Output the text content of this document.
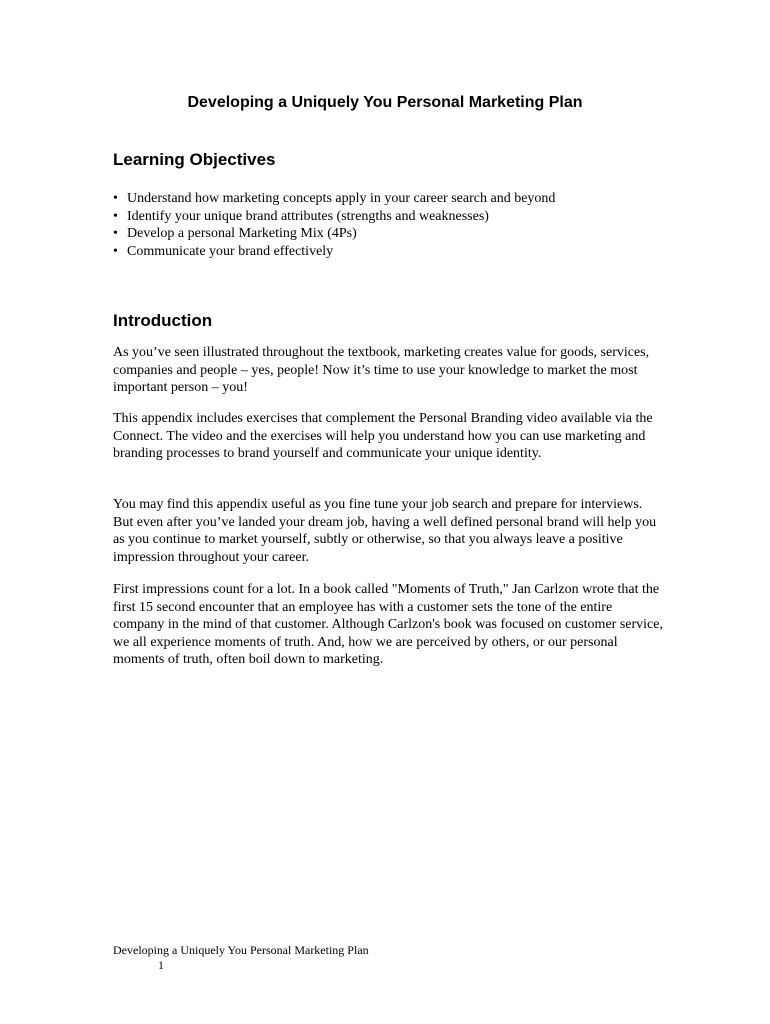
Developing a Uniquely You Personal Marketing Plan
Learning Objectives
• Understand how marketing concepts apply in your career search and beyond
• Identify your unique brand attributes (strengths and weaknesses)
• Develop a personal Marketing Mix (4Ps)
• Communicate your brand effectively
Introduction

As you’ve seen illustrated throughout the textbook, marketing creates value for goods, services, companies and people – yes, people! Now it’s time to use your knowledge to market the most important person – you!

This appendix includes exercises that complement the Personal Branding video available via the Connect. The video and the exercises will help you understand how you can use marketing and branding processes to brand yourself and communicate your unique identity.

You may find this appendix useful as you fine tune your job search and prepare for interviews. But even after you’ve landed your dream job, having a well defined personal brand will help you as you continue to market yourself, subtly or otherwise, so that you always leave a positive impression throughout your career.

First impressions count for a lot. In a book called "Moments of Truth," Jan Carlzon wrote that the first 15 second encounter that an employee has with a customer sets the tone of the entire company in the mind of that customer. Although Carlzon's book was focused on customer service, we all experience moments of truth. And, how we are perceived by others, or our personal moments of truth, often boil down to marketing.

Developing a Uniquely You Personal Marketing Plan
1
